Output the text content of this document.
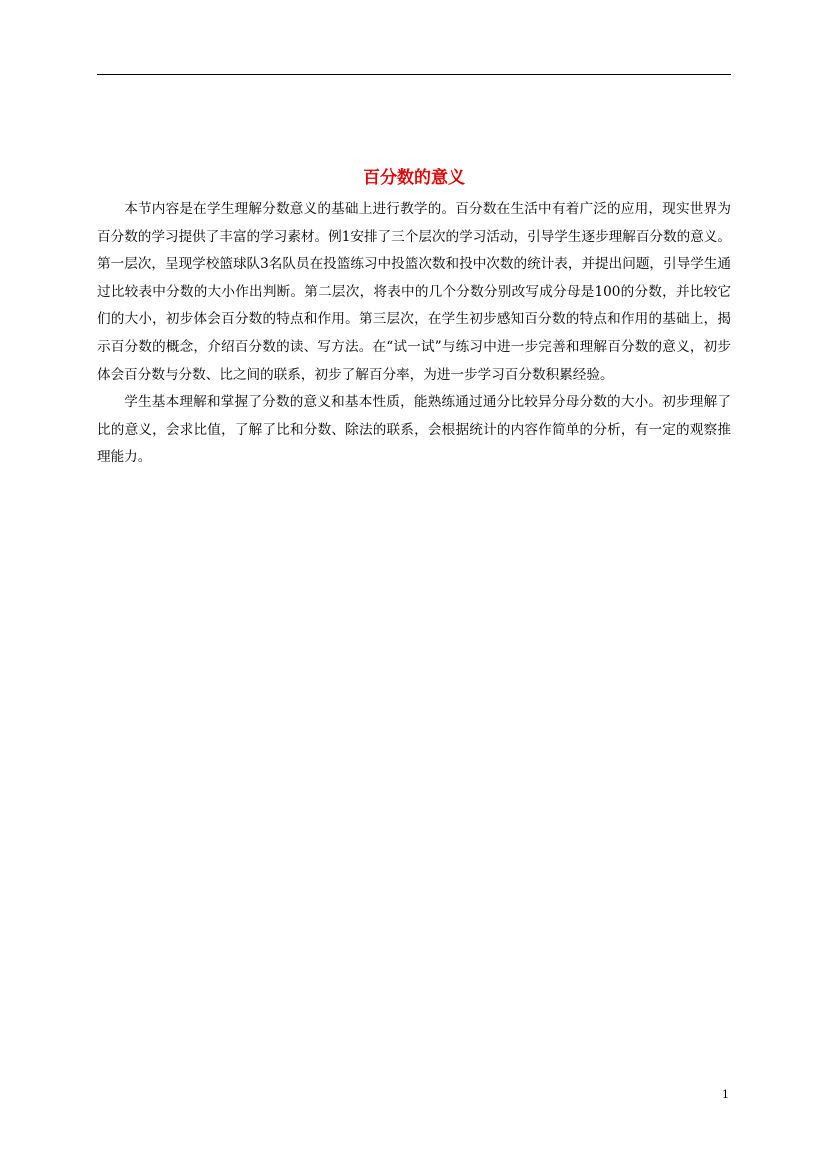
百分数的意义

本节内容是在学生理解分数意义的基础上进行教学的。百分数在生活中有着广泛的应用，现实世界为百分数的学习提供了丰富的学习素材。例1安排了三个层次的学习活动，引导学生逐步理解百分数的意义。第一层次，呈现学校篮球队3名队员在投篮练习中投篮次数和投中次数的统计表，并提出问题，引导学生通过比较表中分数的大小作出判断。第二层次，将表中的几个分数分别改写成分母是100的分数，并比较它们的大小，初步体会百分数的特点和作用。第三层次，在学生初步感知百分数的特点和作用的基础上，揭示百分数的概念，介绍百分数的读、写方法。在“试一试”与练习中进一步完善和理解百分数的意义，初步体会百分数与分数、比之间的联系，初步了解百分率，为进一步学习百分数积累经验。

学生基本理解和掌握了分数的意义和基本性质，能熟练通过通分比较异分母分数的大小。初步理解了比的意义，会求比值，了解了比和分数、除法的联系，会根据统计的内容作简单的分析，有一定的观察推理能力。

1
